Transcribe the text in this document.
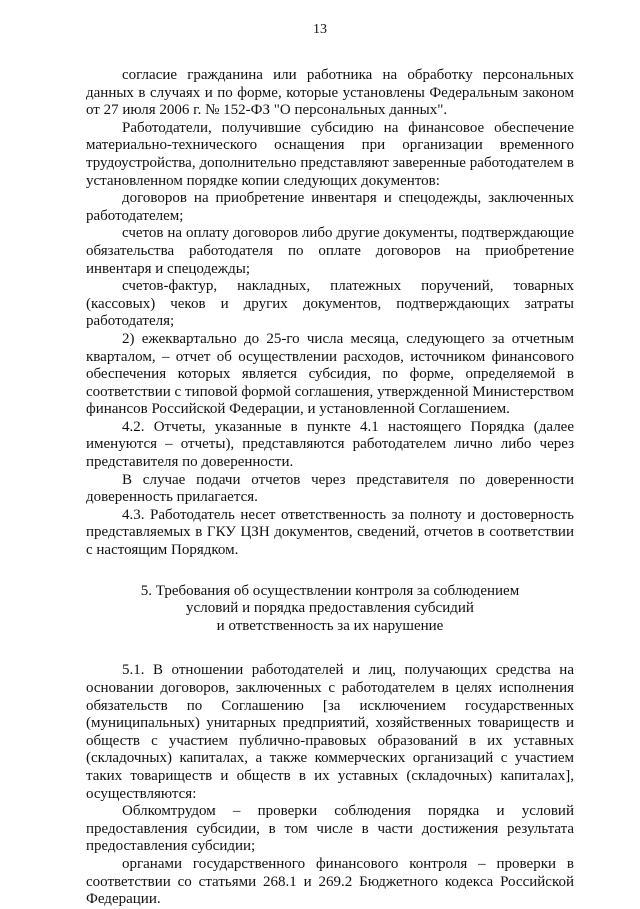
13

согласие гражданина или работника на обработку персональных данных в случаях и по форме, которые установлены Федеральным законом от 27 июля 2006 г. № 152-ФЗ "О персональных данных".

Работодатели, получившие субсидию на финансовое обеспечение материально-технического оснащения при организации временного трудоустройства, дополнительно представляют заверенные работодателем в установленном порядке копии следующих документов:

договоров на приобретение инвентаря и спецодежды, заключенных работодателем;

счетов на оплату договоров либо другие документы, подтверждающие обязательства работодателя по оплате договоров на приобретение инвентаря и спецодежды;

счетов-фактур, накладных, платежных поручений, товарных (кассовых) чеков и других документов, подтверждающих затраты работодателя;

2) ежеквартально до 25-го числа месяца, следующего за отчетным кварталом, – отчет об осуществлении расходов, источником финансового обеспечения которых является субсидия, по форме, определяемой в соответствии с типовой формой соглашения, утвержденной Министерством финансов Российской Федерации, и установленной Соглашением.

4.2. Отчеты, указанные в пункте 4.1 настоящего Порядка (далее именуются – отчеты), представляются работодателем лично либо через представителя по доверенности.

В случае подачи отчетов через представителя по доверенности доверенность прилагается.

4.3. Работодатель несет ответственность за полноту и достоверность представляемых в ГКУ ЦЗН документов, сведений, отчетов в соответствии с настоящим Порядком.

5. Требования об осуществлении контроля за соблюдением
условий и порядка предоставления субсидий
и ответственность за их нарушение

5.1. В отношении работодателей и лиц, получающих средства на основании договоров, заключенных с работодателем в целях исполнения обязательств по Соглашению [за исключением государственных (муниципальных) унитарных предприятий, хозяйственных товариществ и обществ с участием публично-правовых образований в их уставных (складочных) капиталах, а также коммерческих организаций с участием таких товариществ и обществ в их уставных (складочных) капиталах], осуществляются:

Облкомтрудом – проверки соблюдения порядка и условий предоставления субсидии, в том числе в части достижения результата предоставления субсидии;

органами государственного финансового контроля – проверки в соответствии со статьями 268.1 и 269.2 Бюджетного кодекса Российской Федерации.
